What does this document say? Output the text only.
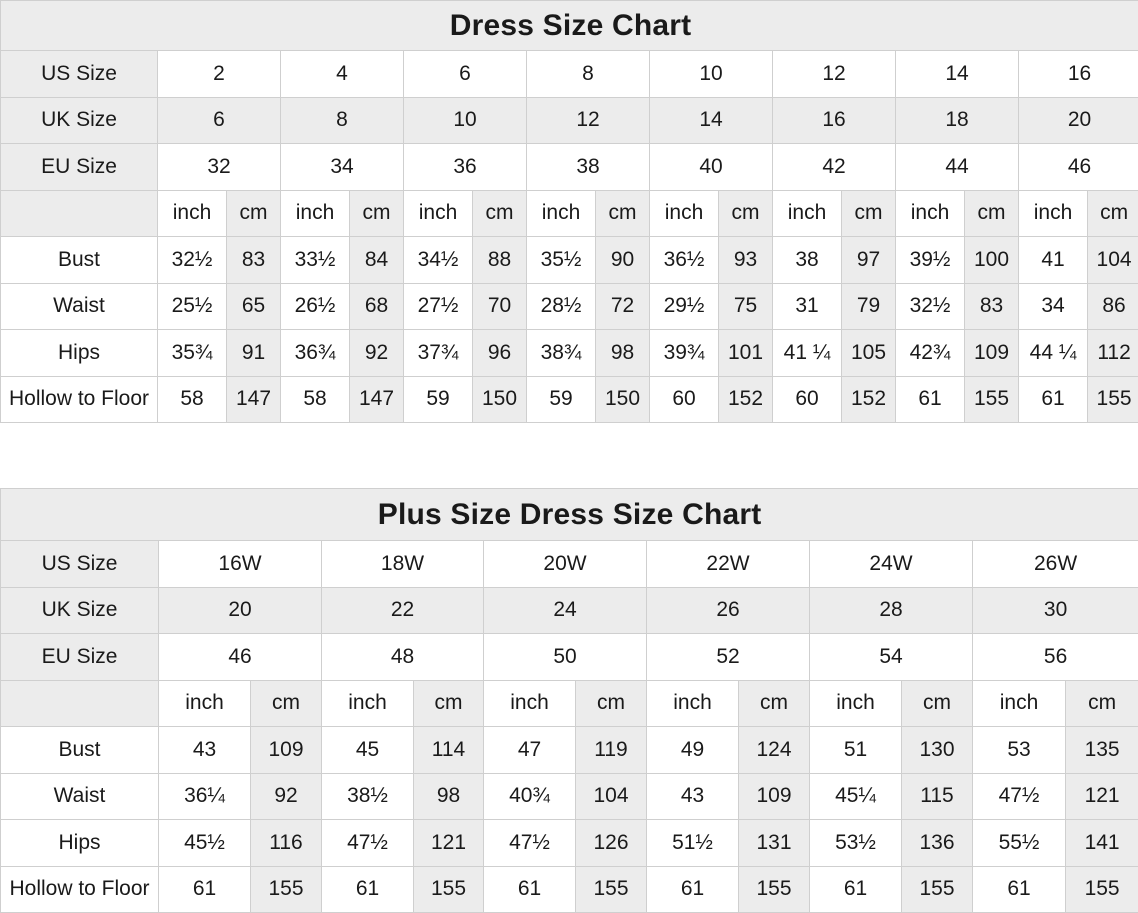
Dress Size Chart																
US Size	2		4		6		8		10		12		14		16	
UK Size	6		8		10		12		14		16		18		20	
EU Size	32		34		36		38		40		42		44		46	
	inch	cm	inch	cm	inch	cm	inch	cm	inch	cm	inch	cm	inch	cm	inch	cm
Bust	32½	83	33½	84	34½	88	35½	90	36½	93	38	97	39½	100	41	104
Waist	25½	65	26½	68	27½	70	28½	72	29½	75	31	79	32½	83	34	86
Hips	35¾	91	36¾	92	37¾	96	38¾	98	39¾	101	41 ¼	105	42¾	109	44 ¼	112
Hollow to Floor	58	147	58	147	59	150	59	150	60	152	60	152	61	155	61	155
Plus Size Dress Size Chart												
US Size	16W		18W		20W		22W		24W		26W	
UK Size	20		22		24		26		28		30	
EU Size	46		48		50		52		54		56	
	inch	cm	inch	cm	inch	cm	inch	cm	inch	cm	inch	cm
Bust	43	109	45	114	47	119	49	124	51	130	53	135
Waist	36¼	92	38½	98	40¾	104	43	109	45¼	115	47½	121
Hips	45½	116	47½	121	47½	126	51½	131	53½	136	55½	141
Hollow to Floor	61	155	61	155	61	155	61	155	61	155	61	155
